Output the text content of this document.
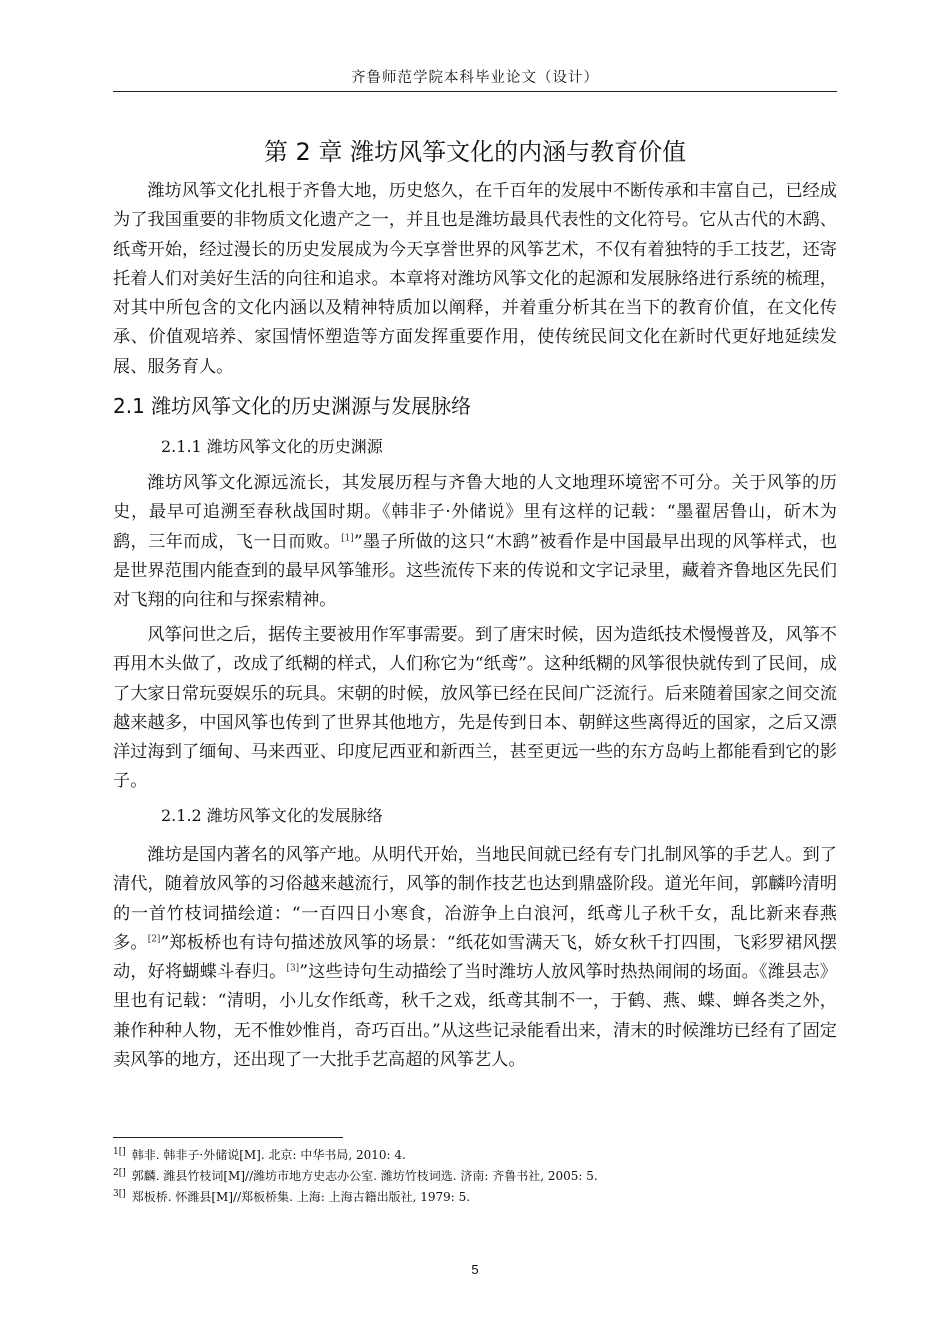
齐鲁师范学院本科毕业论文（设计）
第 2 章 潍坊风筝文化的内涵与教育价值

潍坊风筝文化扎根于齐鲁大地，历史悠久，在千百年的发展中不断传承和丰富自己，已经成为了我国重要的非物质文化遗产之一，并且也是潍坊最具代表性的文化符号。它从古代的木鹞、纸鸢开始，经过漫长的历史发展成为今天享誉世界的风筝艺术，不仅有着独特的手工技艺，还寄托着人们对美好生活的向往和追求。本章将对潍坊风筝文化的起源和发展脉络进行系统的梳理，对其中所包含的文化内涵以及精神特质加以阐释，并着重分析其在当下的教育价值，在文化传承、价值观培养、家国情怀塑造等方面发挥重要作用，使传统民间文化在新时代更好地延续发展、服务育人。

2.1 潍坊风筝文化的历史渊源与发展脉络
2.1.1 潍坊风筝文化的历史渊源

潍坊风筝文化源远流长，其发展历程与齐鲁大地的人文地理环境密不可分。关于风筝的历史，最早可追溯至春秋战国时期。《韩非子·外储说》里有这样的记载：“墨翟居鲁山，斫木为鹞，三年而成，飞一日而败。[1]”墨子所做的这只“木鹞”被看作是中国最早出现的风筝样式，也是世界范围内能查到的最早风筝雏形。这些流传下来的传说和文字记录里，藏着齐鲁地区先民们对飞翔的向往和与探索精神。

风筝问世之后，据传主要被用作军事需要。到了唐宋时候，因为造纸技术慢慢普及，风筝不再用木头做了，改成了纸糊的样式，人们称它为“纸鸢”。这种纸糊的风筝很快就传到了民间，成了大家日常玩耍娱乐的玩具。宋朝的时候，放风筝已经在民间广泛流行。后来随着国家之间交流越来越多，中国风筝也传到了世界其他地方，先是传到日本、朝鲜这些离得近的国家，之后又漂洋过海到了缅甸、马来西亚、印度尼西亚和新西兰，甚至更远一些的东方岛屿上都能看到它的影子。

2.1.2 潍坊风筝文化的发展脉络

潍坊是国内著名的风筝产地。从明代开始，当地民间就已经有专门扎制风筝的手艺人。到了清代，随着放风筝的习俗越来越流行，风筝的制作技艺也达到鼎盛阶段。道光年间，郭麟吟清明的一首竹枝词描绘道：“一百四日小寒食，冶游争上白浪河，纸鸢儿子秋千女，乱比新来春燕多。[2]”郑板桥也有诗句描述放风筝的场景：“纸花如雪满天飞，娇女秋千打四围，飞彩罗裙风摆动，好将蝴蝶斗春归。[3]”这些诗句生动描绘了当时潍坊人放风筝时热热闹闹的场面。《潍县志》里也有记载：“清明，小儿女作纸鸢，秋千之戏，纸鸢其制不一，于鹤、燕、蝶、蝉各类之外，兼作种种人物，无不惟妙惟肖，奇巧百出。”从这些记录能看出来，清末的时候潍坊已经有了固定卖风筝的地方，还出现了一大批手艺高超的风筝艺人。

$^{1[]}$ 韩非. 韩非子·外储说[M]. 北京: 中华书局, 2010: 4.
$^{2[]}$ 郭麟. 潍县竹枝词[M]//潍坊市地方史志办公室. 潍坊竹枝词选. 济南: 齐鲁书社, 2005: 5.
$^{3[]}$ 郑板桥. 怀潍县[M]//郑板桥集. 上海: 上海古籍出版社, 1979: 5.
5
